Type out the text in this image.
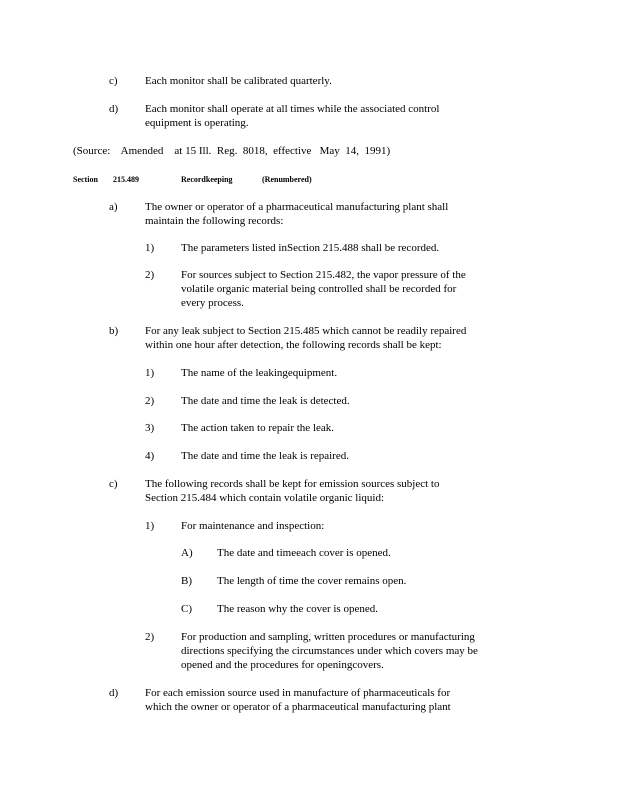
c) Each monitor shall be calibrated quarterly.
d) Each monitor shall operate at all times while the associated control
equipment is operating.
(Source:    Amended    at 15 Ill.  Reg.  8018,  effective   May  14,  1991)
Section 215.489	Recordkeeping	(Renumbered)
a) The owner or operator of a pharmaceutical manufacturing plant shall
maintain the following records:
1) The parameters listed inSection 215.488 shall be recorded.
2) For sources subject to Section 215.482, the vapor pressure of the
volatile organic material being controlled shall be recorded for
every process.
b) For any leak subject to Section 215.485 which cannot be readily repaired
within one hour after detection, the following records shall be kept:
1) The name of the leakingequipment.
2) The date and time the leak is detected.
3) The action taken to repair the leak.
4) The date and time the leak is repaired.
c) The following records shall be kept for emission sources subject to
Section 215.484 which contain volatile organic liquid:
1) For maintenance and inspection:
A) The date and timeeach cover is opened.
B) The length of time the cover remains open.
C) The reason why the cover is opened.
2) For production and sampling, written procedures or manufacturing
directions specifying the circumstances under which covers may be
opened and the procedures for openingcovers.
d) For each emission source used in manufacture of pharmaceuticals for
which the owner or operator of a pharmaceutical manufacturing plant
